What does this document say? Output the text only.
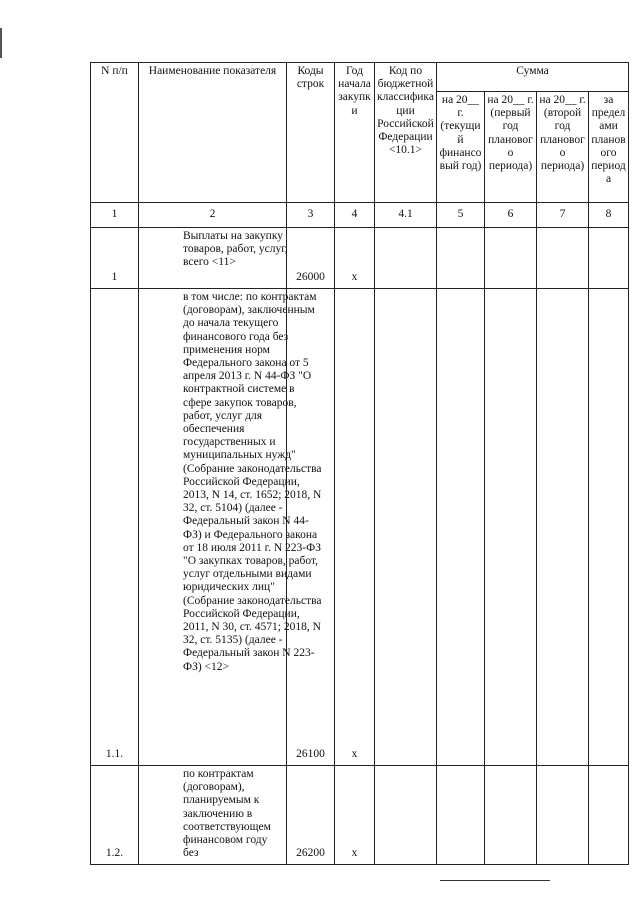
N п/п	Наименование показателя	Коды строк	Год начала закупки	Код по бюджетной классификации Российской Федерации <10.1>	Сумма			
					на 20__ г. (текущий финансовый год)	на 20__ г. (первый год планового периода)	на 20__ г. (второй год планового периода)	за пределами планового периода
1	2	3	4	4.1	5	6	7	8
1	Выплаты на закупку товаров, работ, услуг, всего <11>	26000	x					
1.1.	в том числе: по контрактам (договорам), заключенным до начала текущего финансового года без применения норм Федерального закона от 5 апреля 2013 г. N 44-ФЗ "О контрактной системе в сфере закупок товаров, работ, услуг для обеспечения государственных и муниципальных нужд" (Собрание законодательства Российской Федерации, 2013, N 14, ст. 1652; 2018, N 32, ст. 5104) (далее - Федеральный закон N 44-ФЗ) и Федерального закона от 18 июля 2011 г. N 223-ФЗ "О закупках товаров, работ, услуг отдельными видами юридических лиц" (Собрание законодательства Российской Федерации, 2011, N 30, ст. 4571; 2018, N 32, ст. 5135) (далее - Федеральный закон N 223-ФЗ) <12>	26100	x					
1.2.	по контрактам (договорам), планируемым к заключению в соответствующем финансовом году без	26200	x					
